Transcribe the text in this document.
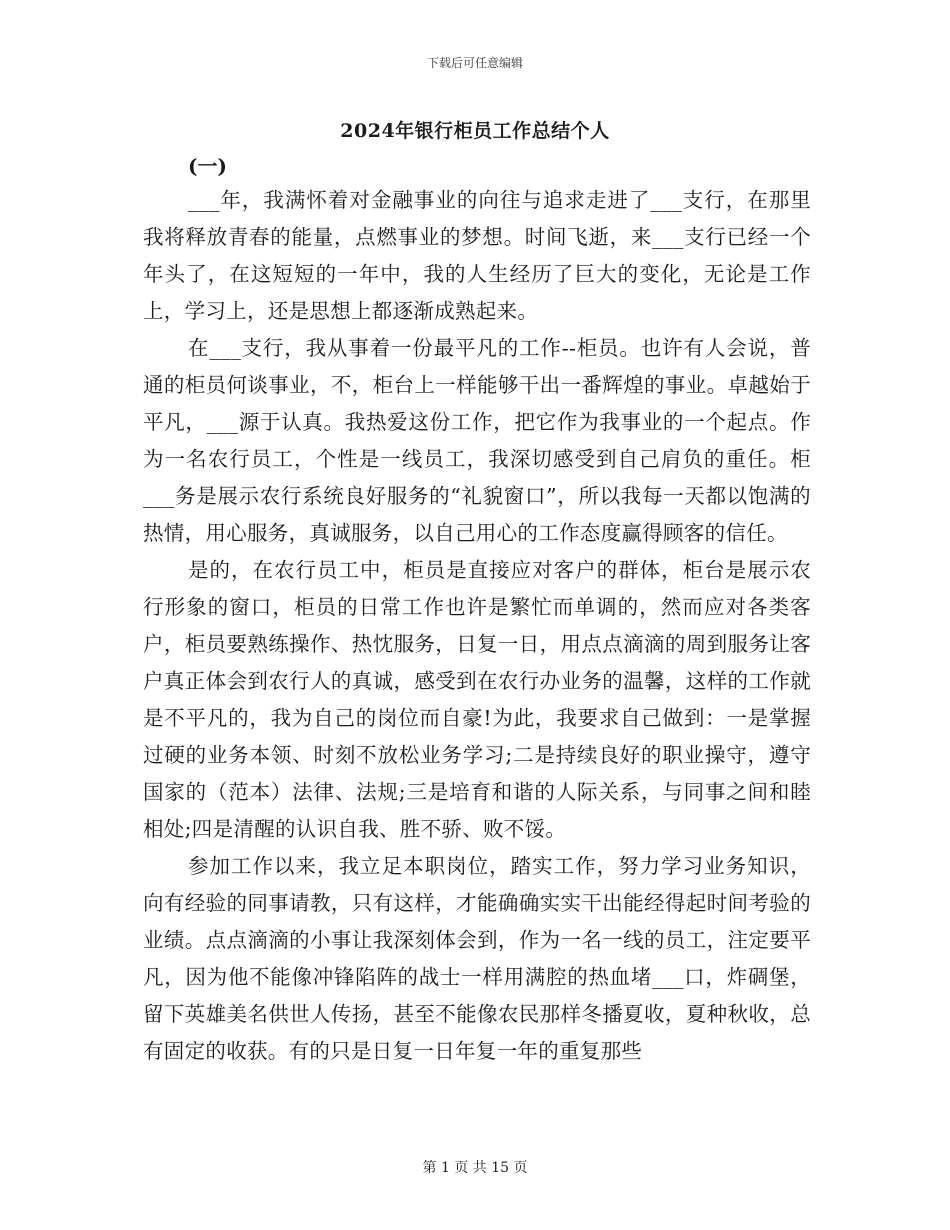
下载后可任意编辑
2024年银行柜员工作总结个人
(一)

___年，我满怀着对金融事业的向往与追求走进了___支行，在那里我将释放青春的能量，点燃事业的梦想。时间飞逝，来___支行已经一个年头了，在这短短的一年中，我的人生经历了巨大的变化，无论是工作上，学习上，还是思想上都逐渐成熟起来。

在___支行，我从事着一份最平凡的工作--柜员。也许有人会说，普通的柜员何谈事业，不，柜台上一样能够干出一番辉煌的事业。卓越始于平凡，___源于认真。我热爱这份工作，把它作为我事业的一个起点。作为一名农行员工，个性是一线员工，我深切感受到自己肩负的重任。柜___务是展示农行系统良好服务的“礼貌窗口”，所以我每一天都以饱满的热情，用心服务，真诚服务，以自己用心的工作态度赢得顾客的信任。

是的，在农行员工中，柜员是直接应对客户的群体，柜台是展示农行形象的窗口，柜员的日常工作也许是繁忙而单调的，然而应对各类客户，柜员要熟练操作、热忱服务，日复一日，用点点滴滴的周到服务让客户真正体会到农行人的真诚，感受到在农行办业务的温馨，这样的工作就是不平凡的，我为自己的岗位而自豪!为此，我要求自己做到：一是掌握过硬的业务本领、时刻不放松业务学习;二是持续良好的职业操守，遵守国家的（范本）法律、法规;三是培育和谐的人际关系，与同事之间和睦相处;四是清醒的认识自我、胜不骄、败不馁。

参加工作以来，我立足本职岗位，踏实工作，努力学习业务知识，向有经验的同事请教，只有这样，才能确确实实干出能经得起时间考验的业绩。点点滴滴的小事让我深刻体会到，作为一名一线的员工，注定要平凡，因为他不能像冲锋陷阵的战士一样用满腔的热血堵___口，炸碉堡，留下英雄美名供世人传扬，甚至不能像农民那样冬播夏收，夏种秋收，总有固定的收获。有的只是日复一日年复一年的重复那些

第 1 页 共 15 页
